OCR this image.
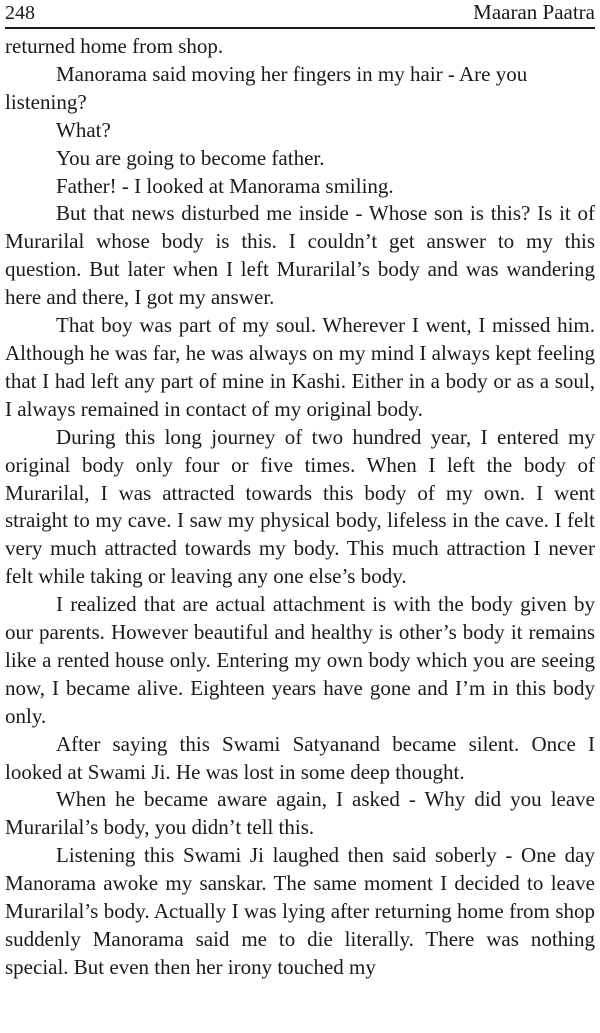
248	Maaran Paatra

returned home from shop.

Manorama said moving her fingers in my hair - Are you listening?

What?

You are going to become father.

Father! - I looked at Manorama smiling.

But that news disturbed me inside - Whose son is this? Is it of Murarilal whose body is this. I couldn’t get answer to my this question. But later when I left Murarilal’s body and was wandering here and there, I got my answer.

That boy was part of my soul. Wherever I went, I missed him. Although he was far, he was always on my mind I always kept feeling that I had left any part of mine in Kashi. Either in a body or as a soul, I always remained in contact of my original body.

During this long journey of two hundred year, I entered my original body only four or five times. When I left the body of Murarilal, I was attracted towards this body of my own. I went straight to my cave. I saw my physical body, lifeless in the cave. I felt very much attracted towards my body. This much attraction I never felt while taking or leaving any one else’s body.

I realized that are actual attachment is with the body given by our parents. However beautiful and healthy is other’s body it remains like a rented house only. Entering my own body which you are seeing now, I became alive. Eighteen years have gone and I’m in this body only.

After saying this Swami Satyanand became silent. Once I looked at Swami Ji. He was lost in some deep thought.

When he became aware again, I asked - Why did you leave Murarilal’s body, you didn’t tell this.

Listening this Swami Ji laughed then said soberly - One day Manorama awoke my sanskar. The same moment I decided to leave Murarilal’s body. Actually I was lying after returning home from shop suddenly Manorama said me to die literally. There was nothing special. But even then her irony touched my
